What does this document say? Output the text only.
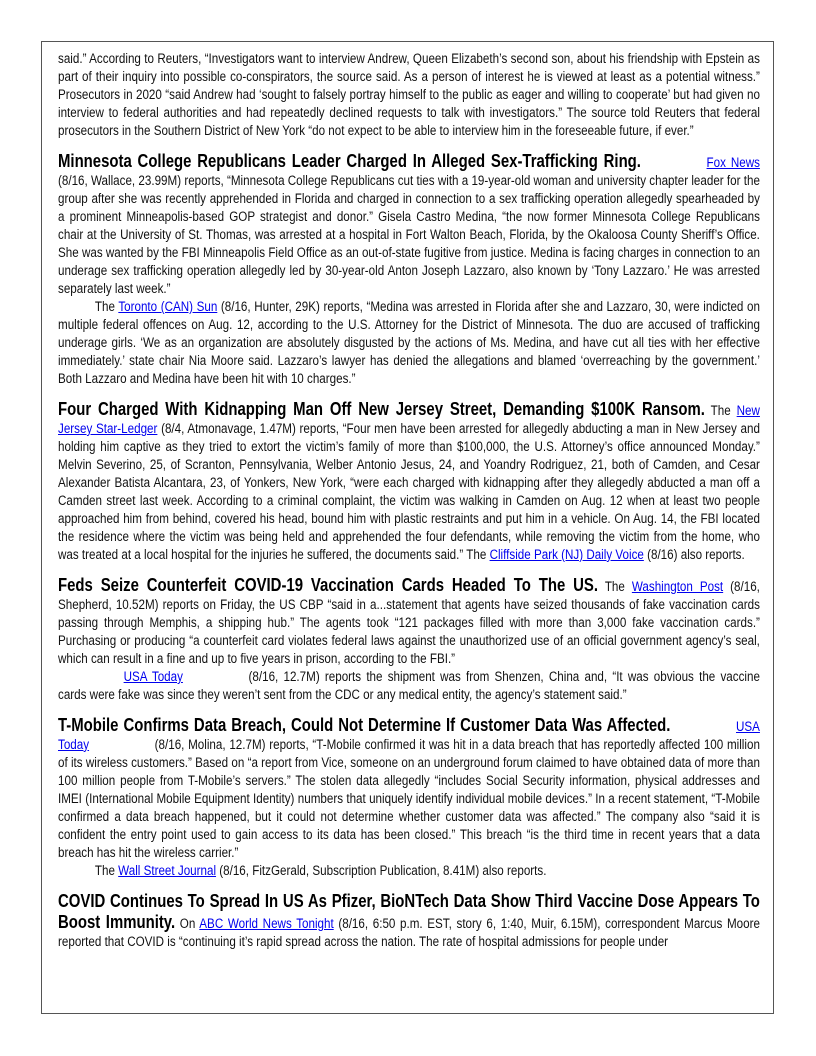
said.” According to Reuters, “Investigators want to interview Andrew, Queen Elizabeth’s second son, about his friendship with Epstein as part of their inquiry into possible co-conspirators, the source said. As a person of interest he is viewed at least as a potential witness.” Prosecutors in 2020 “said Andrew had ‘sought to falsely portray himself to the public as eager and willing to cooperate’ but had given no interview to federal authorities and had repeatedly declined requests to talk with investigators.” The source told Reuters that federal prosecutors in the Southern District of New York “do not expect to be able to interview him in the foreseeable future, if ever.”

Minnesota College Republicans Leader Charged In Alleged Sex-Trafficking Ring.	Fox News (8/16, Wallace, 23.99M) reports, “Minnesota College Republicans cut ties with a 19-year-old woman and university chapter leader for the group after she was recently apprehended in Florida and charged in connection to a sex trafficking operation allegedly spearheaded by a prominent Minneapolis-based GOP strategist and donor.” Gisela Castro Medina, “the now former Minnesota College Republicans chair at the University of St. Thomas, was arrested at a hospital in Fort Walton Beach, Florida, by the Okaloosa County Sheriff’s Office. She was wanted by the FBI Minneapolis Field Office as an out-of-state fugitive from justice. Medina is facing charges in connection to an underage sex trafficking operation allegedly led by 30-year-old Anton Joseph Lazzaro, also known by ‘Tony Lazzaro.’ He was arrested separately last week.”

The Toronto (CAN) Sun (8/16, Hunter, 29K) reports, “Medina was arrested in Florida after she and Lazzaro, 30, were indicted on multiple federal offences on Aug. 12, according to the U.S. Attorney for the District of Minnesota. The duo are accused of trafficking underage girls. ‘We as an organization are absolutely disgusted by the actions of Ms. Medina, and have cut all ties with her effective immediately.’ state chair Nia Moore said. Lazzaro’s lawyer has denied the allegations and blamed ‘overreaching by the government.’ Both Lazzaro and Medina have been hit with 10 charges.”

Four Charged With Kidnapping Man Off New Jersey Street, Demanding $100K Ransom. The New Jersey Star-Ledger (8/4, Atmonavage, 1.47M) reports, “Four men have been arrested for allegedly abducting a man in New Jersey and holding him captive as they tried to extort the victim’s family of more than $100,000, the U.S. Attorney’s office announced Monday.” Melvin Severino, 25, of Scranton, Pennsylvania, Welber Antonio Jesus, 24, and Yoandry Rodriguez, 21, both of Camden, and Cesar Alexander Batista Alcantara, 23, of Yonkers, New York, “were each charged with kidnapping after they allegedly abducted a man off a Camden street last week. According to a criminal complaint, the victim was walking in Camden on Aug. 12 when at least two people approached him from behind, covered his head, bound him with plastic restraints and put him in a vehicle. On Aug. 14, the FBI located the residence where the victim was being held and apprehended the four defendants, while removing the victim from the home, who was treated at a local hospital for the injuries he suffered, the documents said.” The Cliffside Park (NJ) Daily Voice (8/16) also reports.

Feds Seize Counterfeit COVID-19 Vaccination Cards Headed To The US. The Washington Post (8/16, Shepherd, 10.52M) reports on Friday, the US CBP “said in a...statement that agents have seized thousands of fake vaccination cards passing through Memphis, a shipping hub.” The agents took “121 packages filled with more than 3,000 fake vaccination cards.” Purchasing or producing “a counterfeit card violates federal laws against the unauthorized use of an official government agency’s seal, which can result in a fine and up to five years in prison, according to the FBI.”

USA Today	(8/16, 12.7M) reports the shipment was from Shenzen, China and, “It was obvious the vaccine cards were fake was since they weren’t sent from the CDC or any medical entity, the agency’s statement said.”

T-Mobile Confirms Data Breach, Could Not Determine If Customer Data Was Affected.	USA Today	(8/16, Molina, 12.7M) reports, “T-Mobile confirmed it was hit in a data breach that has reportedly affected 100 million of its wireless customers.” Based on “a report from Vice, someone on an underground forum claimed to have obtained data of more than 100 million people from T-Mobile’s servers.” The stolen data allegedly “includes Social Security information, physical addresses and IMEI (International Mobile Equipment Identity) numbers that uniquely identify individual mobile devices.” In a recent statement, “T-Mobile confirmed a data breach happened, but it could not determine whether customer data was affected.” The company also “said it is confident the entry point used to gain access to its data has been closed.” This breach “is the third time in recent years that a data breach has hit the wireless carrier.”

The Wall Street Journal (8/16, FitzGerald, Subscription Publication, 8.41M) also reports.

COVID Continues To Spread In US As Pfizer, BioNTech Data Show Third Vaccine Dose Appears To Boost Immunity. On ABC World News Tonight (8/16, 6:50 p.m. EST, story 6, 1:40, Muir, 6.15M), correspondent Marcus Moore reported that COVID is “continuing it’s rapid spread across the nation. The rate of hospital admissions for people under
